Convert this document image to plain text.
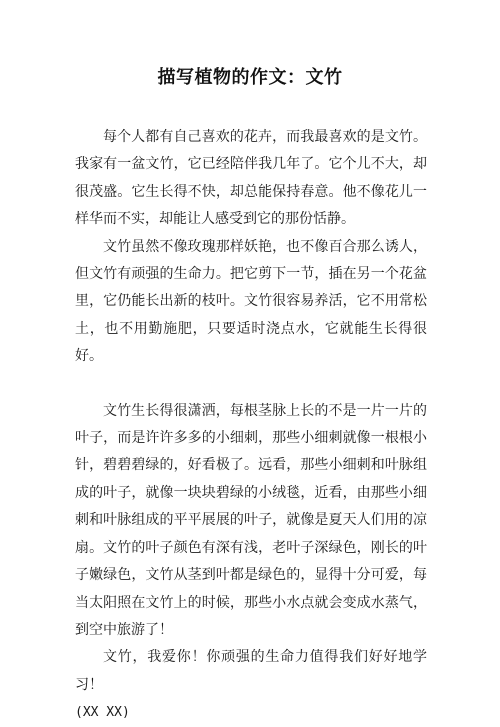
描写植物的作文：文竹

每个人都有自己喜欢的花卉，而我最喜欢的是文竹。我家有一盆文竹，它已经陪伴我几年了。它个儿不大，却很茂盛。它生长得不快，却总能保持春意。他不像花儿一样华而不实，却能让人感受到它的那份恬静。

文竹虽然不像玫瑰那样妖艳，也不像百合那么诱人，但文竹有顽强的生命力。把它剪下一节，插在另一个花盆里，它仍能长出新的枝叶。文竹很容易养活，它不用常松土，也不用勤施肥，只要适时浇点水，它就能生长得很好。

文竹生长得很潇洒，每根茎脉上长的不是一片一片的叶子，而是许许多多的小细刺，那些小细刺就像一根根小针，碧碧碧绿的，好看极了。远看，那些小细刺和叶脉组成的叶子，就像一块块碧绿的小绒毯，近看，由那些小细刺和叶脉组成的平平展展的叶子，就像是夏天人们用的凉扇。文竹的叶子颜色有深有浅，老叶子深绿色，刚长的叶子嫩绿色，文竹从茎到叶都是绿色的，显得十分可爱，每当太阳照在文竹上的时候，那些小水点就会变成水蒸气，到空中旅游了！

文竹，我爱你！你顽强的生命力值得我们好好地学习！

(XX XX)
